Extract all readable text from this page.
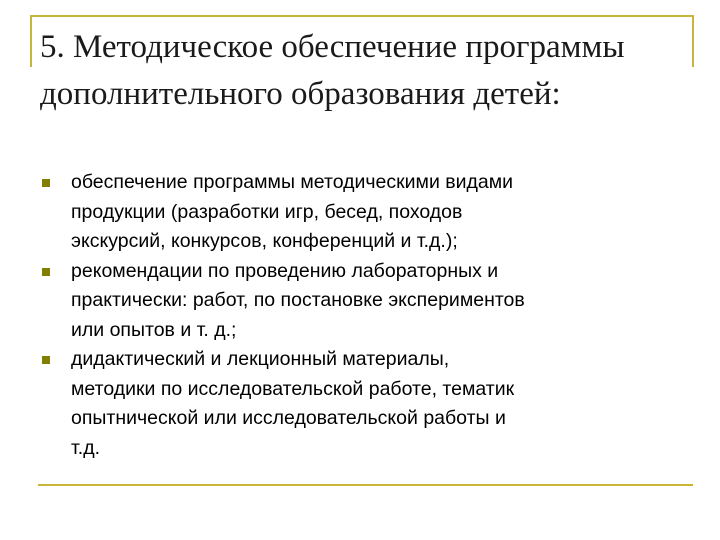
5. Методическое обеспечение программы дополнительного образования детей:
обеспечение программы методическими видами
продукции (разработки игр, бесед, походов
экскурсий, конкурсов, конференций и т.д.);
рекомендации по проведению лабораторных и
практически: работ, по постановке экспериментов
или опытов и т. д.;
дидактический и лекционный материалы,
методики по исследовательской работе, тематик
опытнической или исследовательской работы и
т.д.
